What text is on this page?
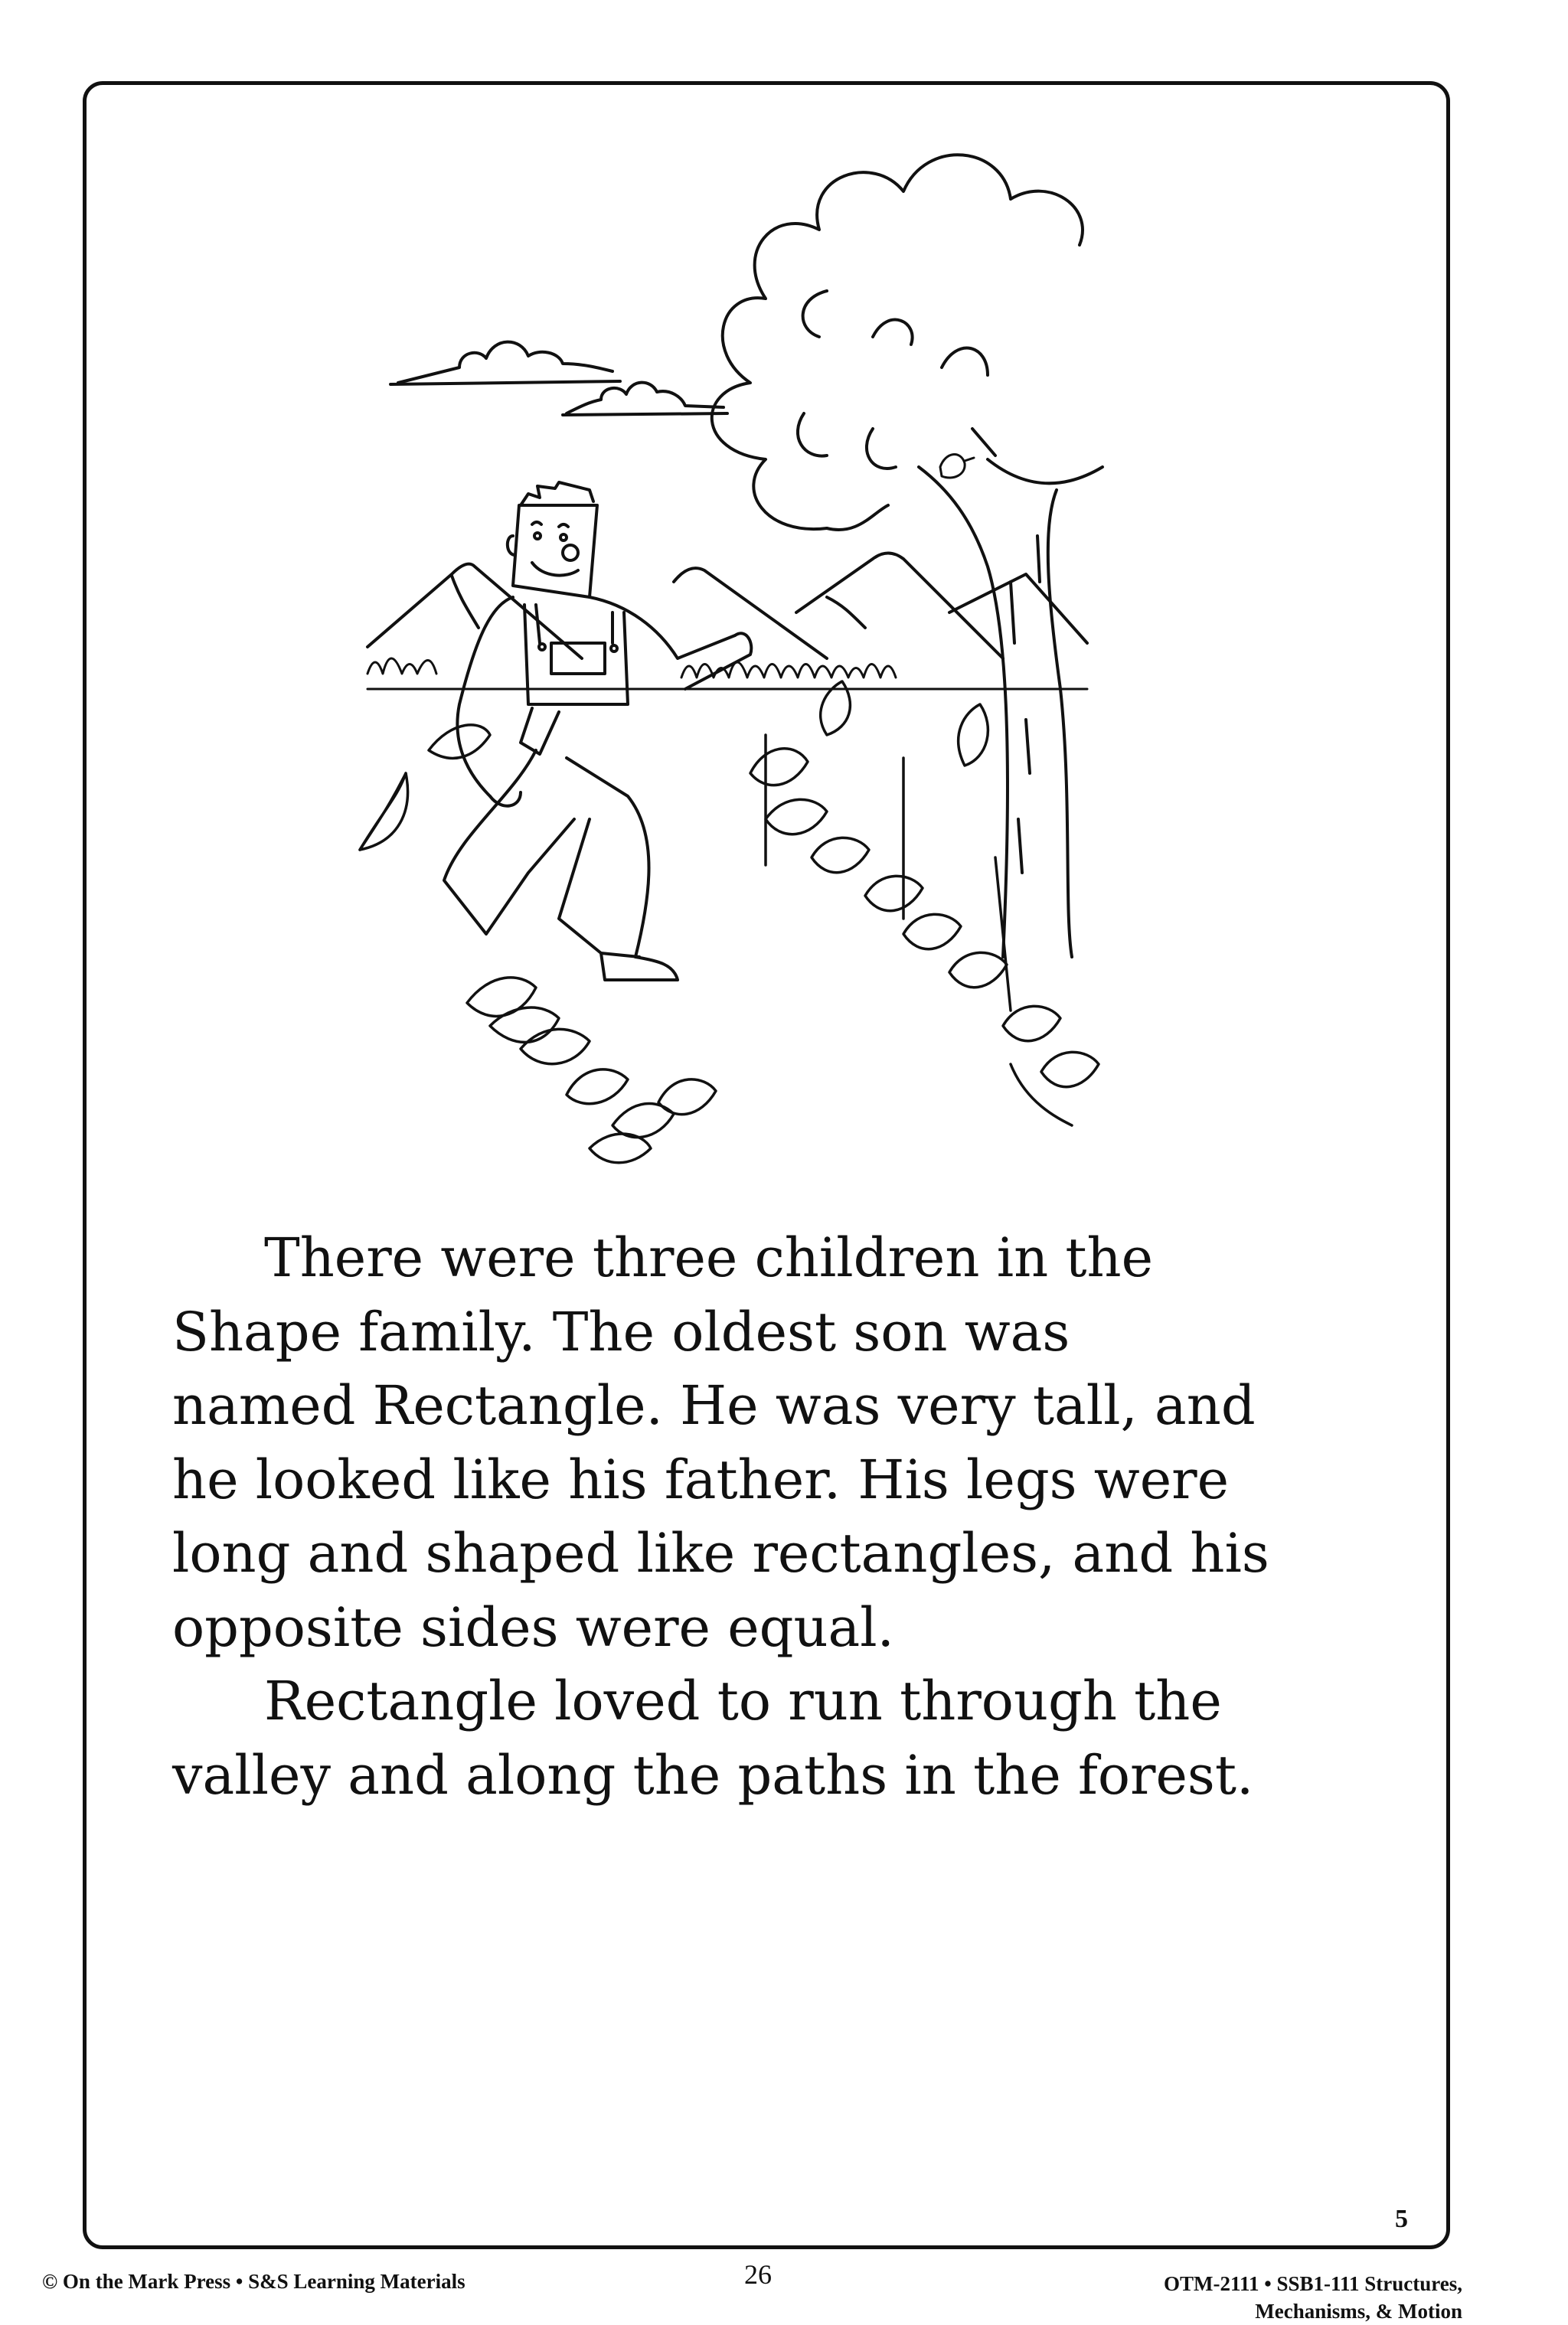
There were three children in the
Shape family. The oldest son was
named Rectangle. He was very tall, and
he looked like his father. His legs were
long and shaped like rectangles, and his
opposite sides were equal.

Rectangle loved to run through the
valley and along the paths in the forest.

5
© On the Mark Press • S&S Learning Materials	26	OTM-2111 • SSB1-111 Structures,
Mechanisms, & Motion
